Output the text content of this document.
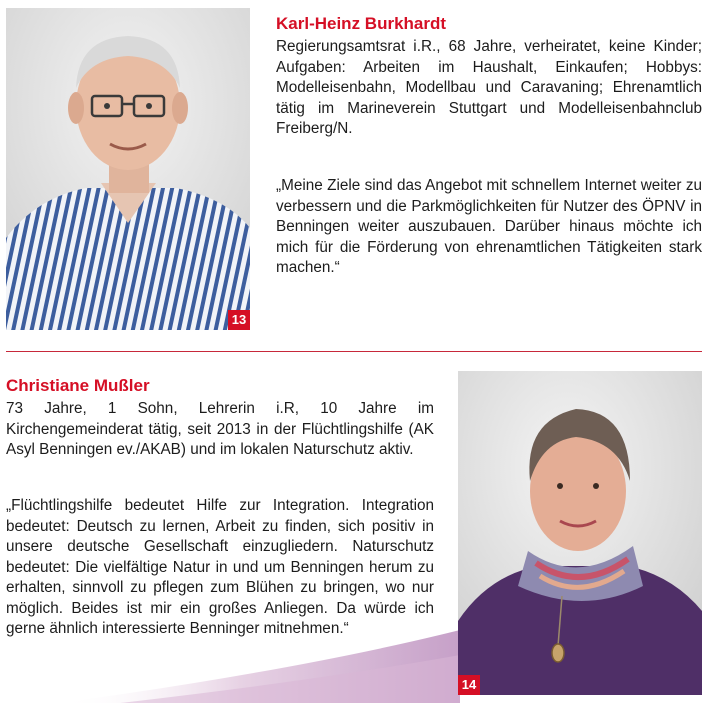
13
Karl-Heinz Burkhardt
Regierungsamtsrat i.R., 68 Jahre, verheiratet, keine Kinder; Aufgaben: Arbeiten im Haushalt, Einkaufen; Hobbys: Modelleisenbahn, Modellbau und Caravaning; Ehrenamtlich tätig im Marineverein Stuttgart und Modelleisenbahnclub Freiberg/N.
„Meine Ziele sind das Angebot mit schnellem Internet weiter zu verbessern und die Parkmöglichkeiten für Nutzer des ÖPNV in Benningen weiter auszubauen. Darüber hinaus möchte ich mich für die Förderung von ehrenamtlichen Tätigkeiten stark machen.“
Christiane Mußler
73 Jahre, 1 Sohn, Lehrerin i.R, 10 Jahre im Kirchengemeinderat tätig, seit 2013 in der Flüchtlingshilfe (AK Asyl Benningen ev./AKAB) und im lokalen Naturschutz aktiv.
„Flüchtlingshilfe bedeutet Hilfe zur Integration. Integration bedeutet: Deutsch zu lernen, Arbeit zu finden, sich positiv in unsere deutsche Gesellschaft einzugliedern. Naturschutz bedeutet: Die vielfältige Natur in und um Benningen herum zu erhalten, sinnvoll zu pflegen zum Blühen zu bringen, wo nur möglich. Beides ist mir ein großes Anliegen. Da würde ich gerne ähnlich interessierte Benninger mitnehmen.“
14
